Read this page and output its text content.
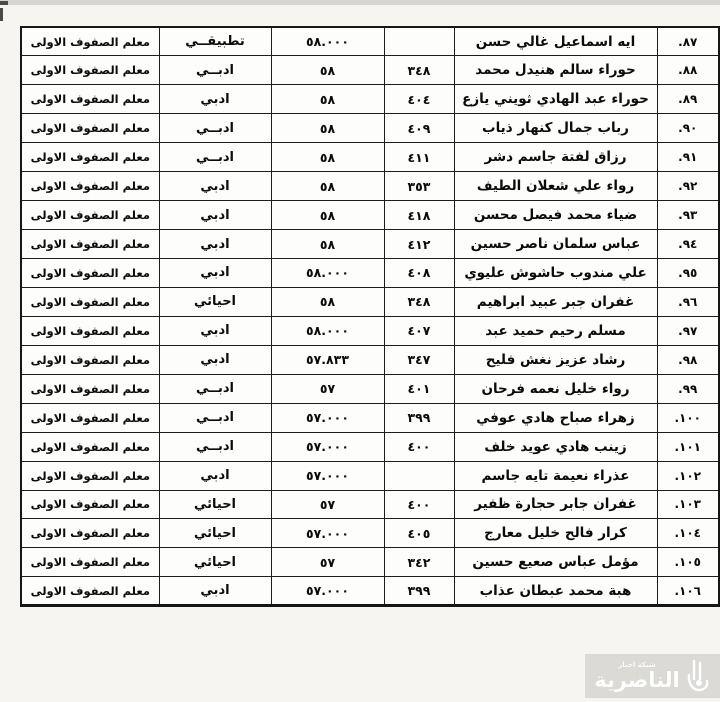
٨٧.	ايه اسماعيل غالي حسن		٥٨.٠٠٠	تطبيقــي	معلم الصفوف الاولى
٨٨.	حوراء سالم هنيدل محمد	٣٤٨	٥٨	ادبــي	معلم الصفوف الاولى
٨٩.	حوراء عبد الهادي ثويني يازع	٤٠٤	٥٨	ادبي	معلم الصفوف الاولى
٩٠.	رباب جمال كنهار ذياب	٤٠٩	٥٨	ادبــي	معلم الصفوف الاولى
٩١.	رزاق لفتة جاسم دشر	٤١١	٥٨	ادبــي	معلم الصفوف الاولى
٩٢.	رواء علي شعلان الطيف	٣٥٣	٥٨	ادبي	معلم الصفوف الاولى
٩٣.	ضياء محمد فيصل محسن	٤١٨	٥٨	ادبي	معلم الصفوف الاولى
٩٤.	عباس سلمان ناصر حسين	٤١٢	٥٨	ادبي	معلم الصفوف الاولى
٩٥.	علي مندوب حاشوش عليوي	٤٠٨	٥٨.٠٠٠	ادبي	معلم الصفوف الاولى
٩٦.	غفران جبر عبيد ابراهيم	٣٤٨	٥٨	احيائي	معلم الصفوف الاولى
٩٧.	مسلم رحيم حميد عبد	٤٠٧	٥٨.٠٠٠	ادبي	معلم الصفوف الاولى
٩٨.	رشاد عزيز نغش فليح	٣٤٧	٥٧.٨٣٣	ادبي	معلم الصفوف الاولى
٩٩.	رواء خليل نعمه فرحان	٤٠١	٥٧	ادبــي	معلم الصفوف الاولى
١٠٠.	زهراء صباح هادي عوفي	٣٩٩	٥٧.٠٠٠	ادبــي	معلم الصفوف الاولى
١٠١.	زينب هادي عويد خلف	٤٠٠	٥٧.٠٠٠	ادبــي	معلم الصفوف الاولى
١٠٢.	عذراء نعيمة تايه جاسم		٥٧.٠٠٠	ادبي	معلم الصفوف الاولى
١٠٣.	غفران جابر حجارة ظفير	٤٠٠	٥٧	احيائي	معلم الصفوف الاولى
١٠٤.	كرار فالح خليل معارج	٤٠٥	٥٧.٠٠٠	احيائي	معلم الصفوف الاولى
١٠٥.	مؤمل عباس صعيع حسين	٣٤٢	٥٧	احيائي	معلم الصفوف الاولى
١٠٦.	هبة محمد عبطان عذاب	٣٩٩	٥٧.٠٠٠	ادبي	معلم الصفوف الاولى
شبكة اخبار
الناصرية
